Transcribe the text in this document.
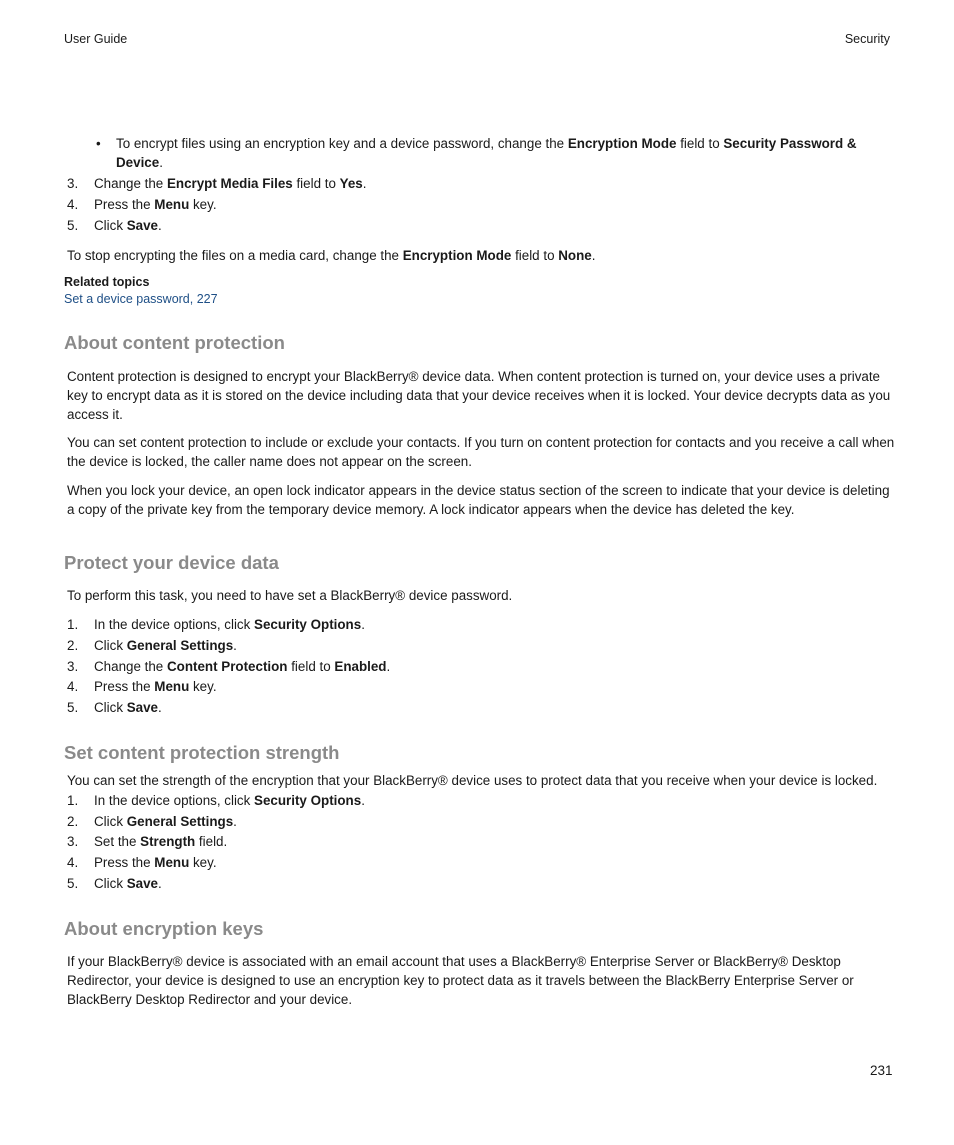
User Guide	Security
•	To encrypt files using an encryption key and a device password, change the Encryption Mode field to Security Password & Device.
3. Change the Encrypt Media Files field to Yes.
4. Press the Menu key.
5. Click Save.
To stop encrypting the files on a media card, change the Encryption Mode field to None.
Related topics
Set a device password, 227
About content protection
Content protection is designed to encrypt your BlackBerry® device data. When content protection is turned on, your device uses a private key to encrypt data as it is stored on the device including data that your device receives when it is locked. Your device decrypts data as you access it.
You can set content protection to include or exclude your contacts. If you turn on content protection for contacts and you receive a call when the device is locked, the caller name does not appear on the screen.
When you lock your device, an open lock indicator appears in the device status section of the screen to indicate that your device is deleting a copy of the private key from the temporary device memory. A lock indicator appears when the device has deleted the key.
Protect your device data
To perform this task, you need to have set a BlackBerry® device password.
1. In the device options, click Security Options.
2. Click General Settings.
3. Change the Content Protection field to Enabled.
4. Press the Menu key.
5. Click Save.
Set content protection strength
You can set the strength of the encryption that your BlackBerry® device uses to protect data that you receive when your device is locked.
1. In the device options, click Security Options.
2. Click General Settings.
3. Set the Strength field.
4. Press the Menu key.
5. Click Save.
About encryption keys
If your BlackBerry® device is associated with an email account that uses a BlackBerry® Enterprise Server or BlackBerry® Desktop Redirector, your device is designed to use an encryption key to protect data as it travels between the BlackBerry Enterprise Server or BlackBerry Desktop Redirector and your device.
231
